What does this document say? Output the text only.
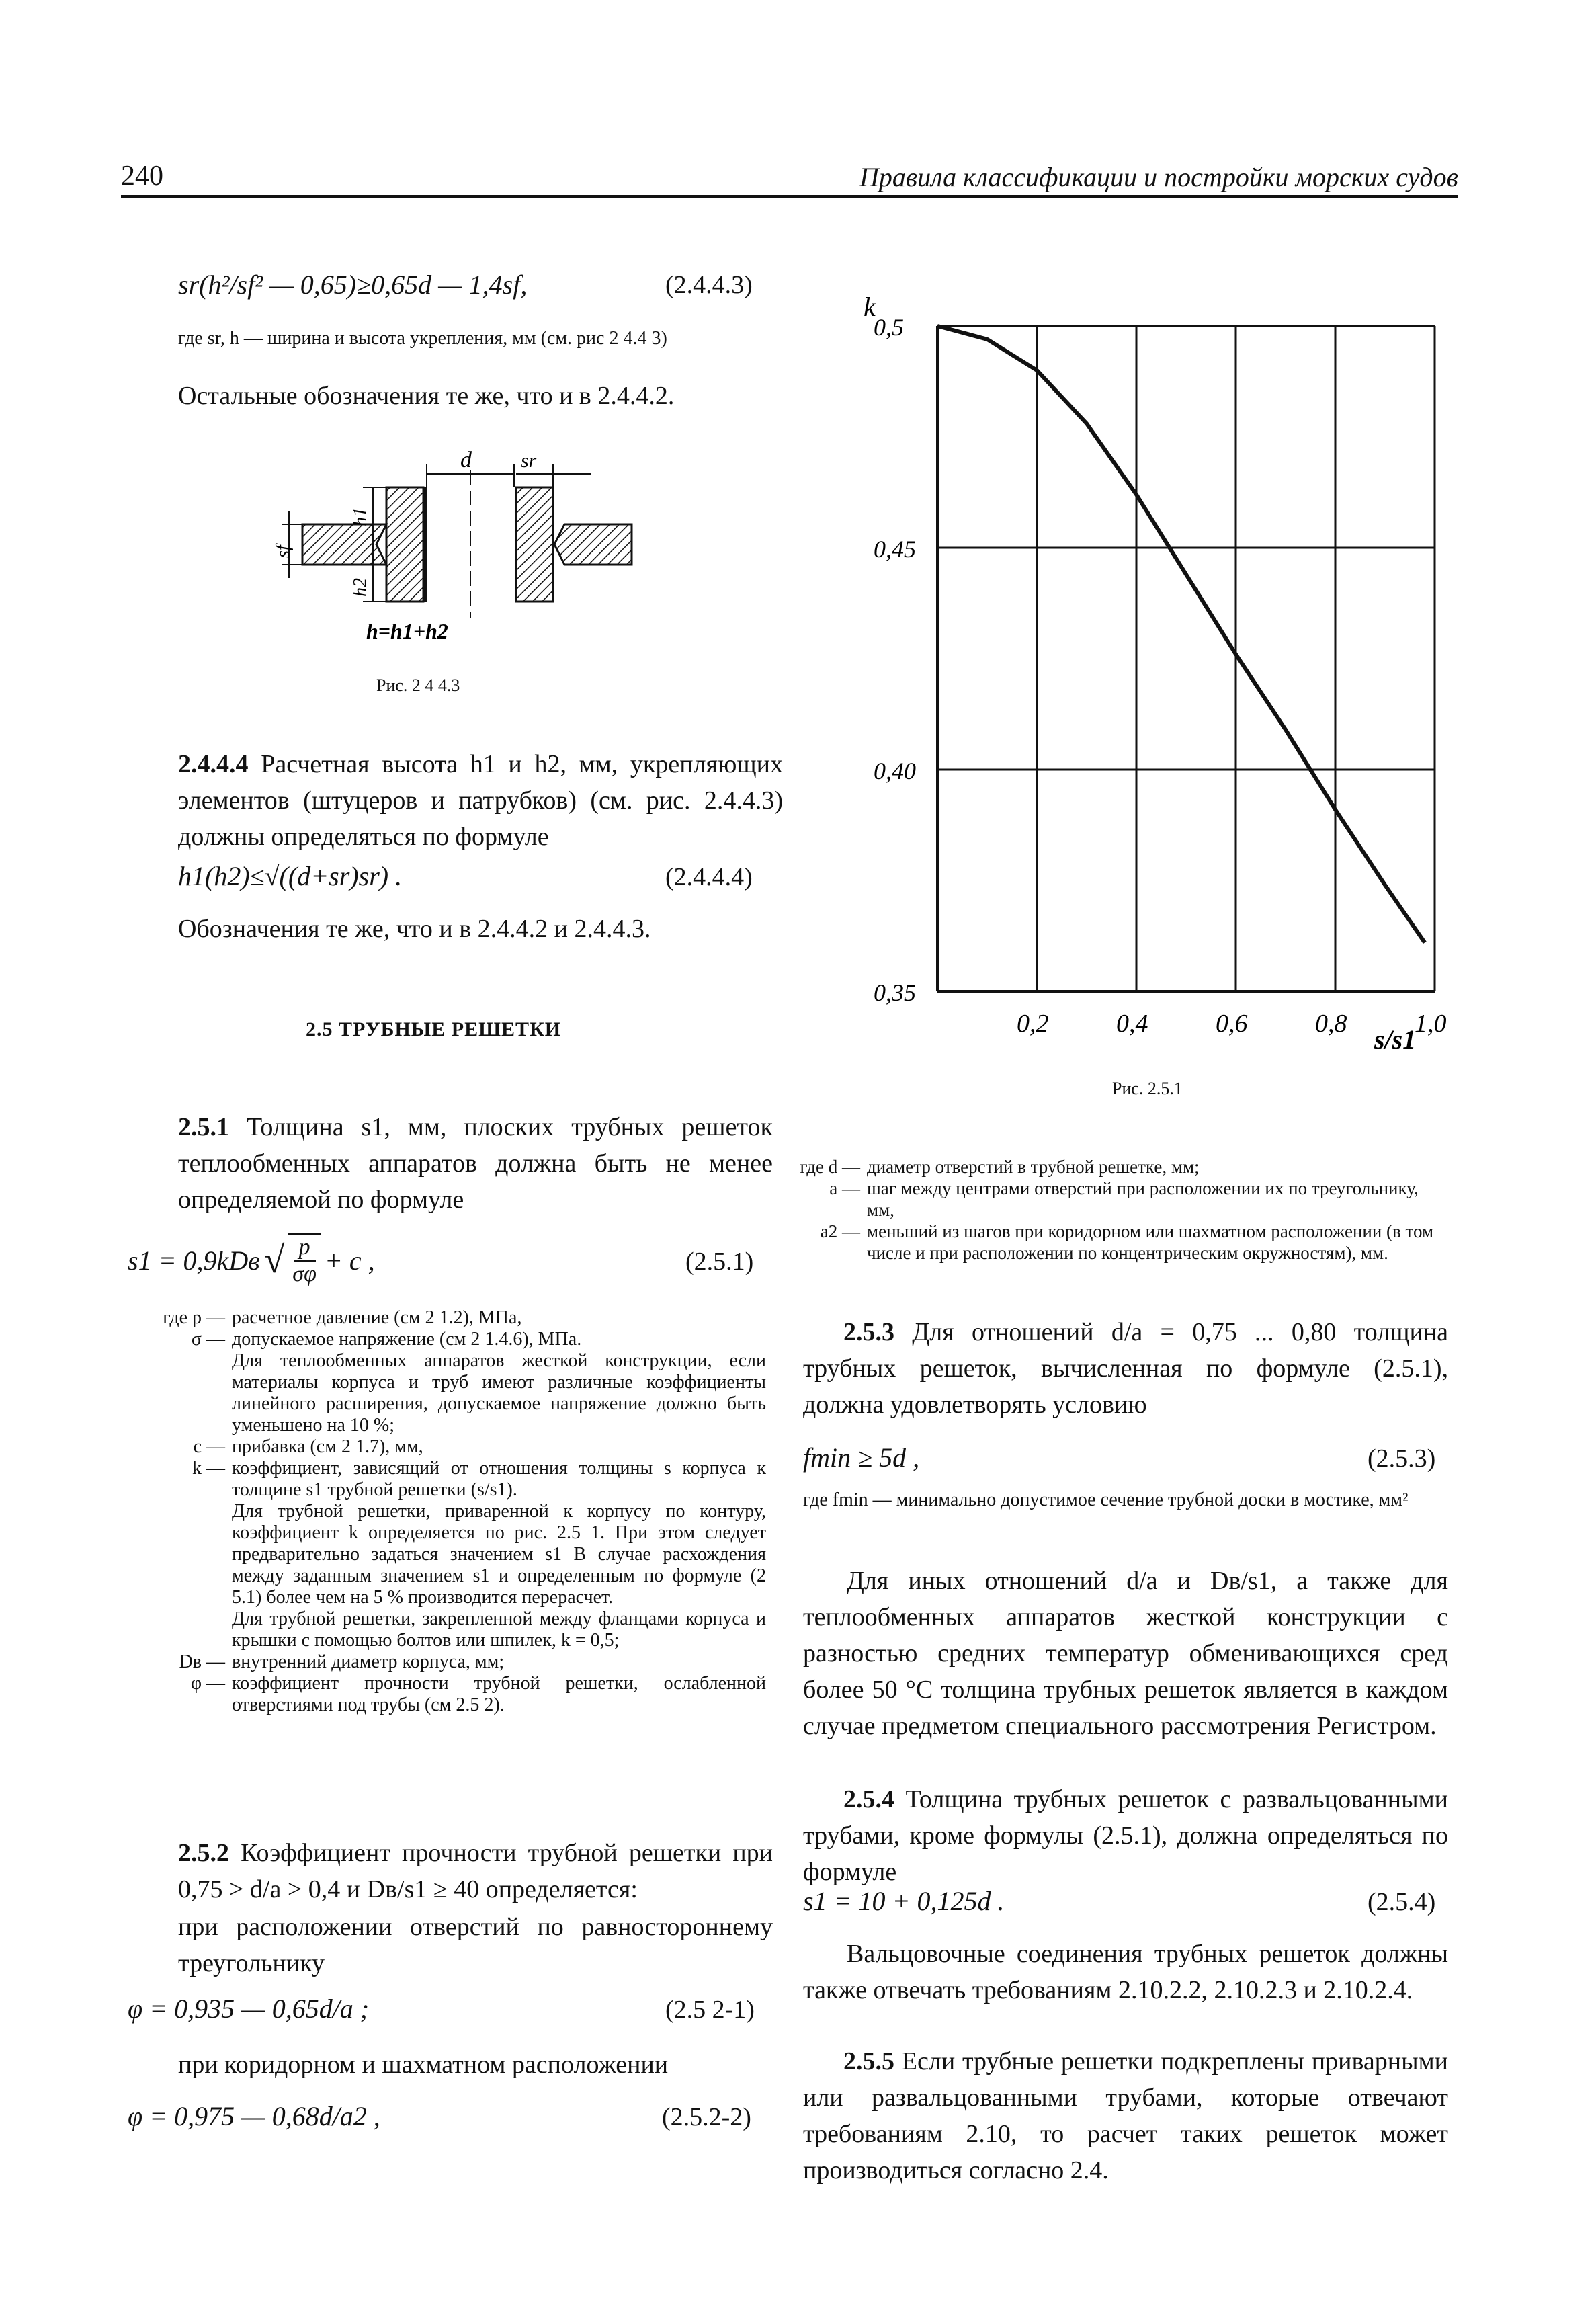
240	Правила классификации и постройки морских судов
sr(h²/sf² — 0,65)≥0,65d — 1,4sf,	(2.4.4.3)
где sr, h — ширина и высота укрепления, мм (см. рис 2 4.4 3)
Остальные обозначения те же, что и в 2.4.4.2.
d sr
h1
h2
sf
h=h1+h2
Рис. 2 4 4.3
2.4.4.4 Расчетная высота h1 и h2, мм, укрепляющих элементов (штуцеров и патрубков) (см. рис. 2.4.4.3) должны определяться по формуле
h1(h2)≤√((d+sr)sr) .	(2.4.4.4)
Обозначения те же, что и в 2.4.4.2 и 2.4.4.3.
2.5 ТРУБНЫЕ РЕШЕТКИ
2.5.1 Толщина s1, мм, плоских трубных решеток теплообменных аппаратов должна быть не менее определяемой по формуле
s1 = 0,9kDв √ $\frac{p}{\sigma\varphi} + c$ ,	(2.5.1)
где p — расчетное давление (см 2 1.2), МПа,
σ — допускаемое напряжение (см 2 1.4.6), МПа.
Для теплообменных аппаратов жесткой конструкции, если материалы корпуса и труб имеют различные коэффициенты линейного расширения, допускаемое напряжение должно быть уменьшено на 10 %;
c — прибавка (см 2 1.7), мм,
k — коэффициент, зависящий от отношения толщины s корпуса к толщине s1 трубной решетки (s/s1).
Для трубной решетки, приваренной к корпусу по контуру, коэффициент k определяется по рис. 2.5 1. При этом следует предварительно задаться значением s1 В случае расхождения между заданным значением s1 и определенным по формуле (2 5.1) более чем на 5 % производится перерасчет.
Для трубной решетки, закрепленной между фланцами корпуса и крышки с помощью болтов или шпилек, k = 0,5;
Dв — внутренний диаметр корпуса, мм;
φ — коэффициент прочности трубной решетки, ослабленной отверстиями под трубы (см 2.5 2).
2.5.2 Коэффициент прочности трубной решетки при 0,75 > d/a > 0,4 и Dв/s1 ≥ 40 определяется:
при расположении отверстий по равностороннему треугольнику
φ = 0,935 — 0,65d/a ;	(2.5 2-1)
при коридорном и шахматном расположении
φ = 0,975 — 0,68d/a2 ,	(2.5.2-2)
0,2	0,4	0,6	0,8	1,0
0,35
0,40
0,45
0,5
k
s/s1
Рис. 2.5.1
где d — диаметр отверстий в трубной решетке, мм;
a — шаг между центрами отверстий при расположении их по треугольнику, мм,
a2 — меньший из шагов при коридорном или шахматном расположении (в том числе и при расположении по концентрическим окружностям), мм.
2.5.3 Для отношений d/a = 0,75 ... 0,80 толщина трубных решеток, вычисленная по формуле (2.5.1), должна удовлетворять условию
fmin ≥ 5d ,	(2.5.3)
где fmin — минимально допустимое сечение трубной доски в мостике, мм²
Для иных отношений d/a и Dв/s1, а также для теплообменных аппаратов жесткой конструкции с разностью средних температур обменивающихся сред более 50 °С толщина трубных решеток является в каждом случае предметом специального рассмотрения Регистром.
2.5.4 Толщина трубных решеток с развальцованными трубами, кроме формулы (2.5.1), должна определяться по формуле
s1 = 10 + 0,125d .	(2.5.4)
Вальцовочные соединения трубных решеток должны также отвечать требованиям 2.10.2.2, 2.10.2.3 и 2.10.2.4.
2.5.5 Если трубные решетки подкреплены приварными или развальцованными трубами, которые отвечают требованиям 2.10, то расчет таких решеток может производиться согласно 2.4.
